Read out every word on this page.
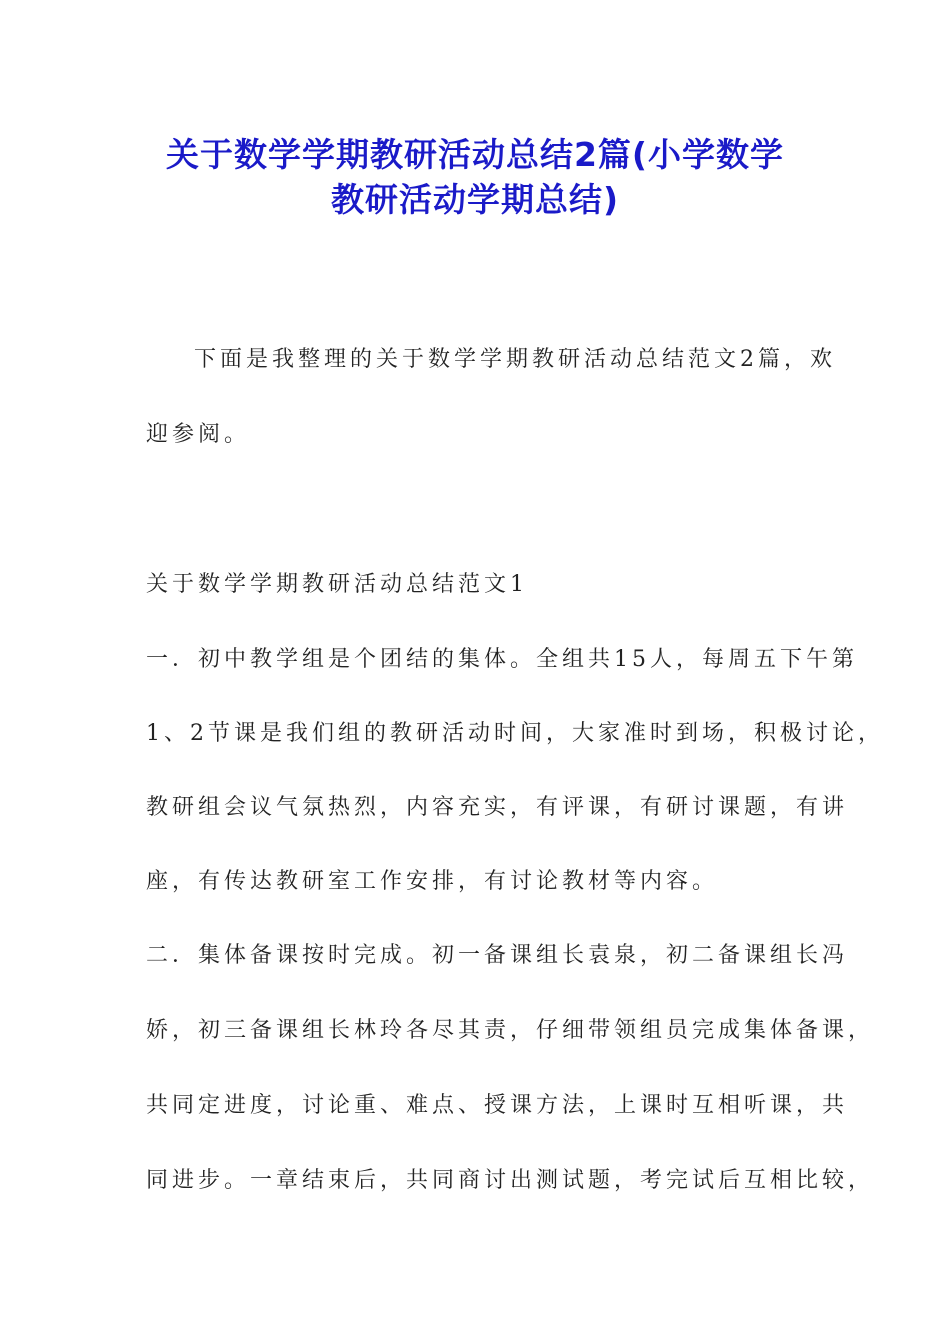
关于数学学期教研活动总结2篇(小学数学
教研活动学期总结)
下面是我整理的关于数学学期教研活动总结范文2篇，欢
迎参阅。
关于数学学期教研活动总结范文1
一．初中教学组是个团结的集体。全组共15人，每周五下午第
1、2节课是我们组的教研活动时间，大家准时到场，积极讨论，
教研组会议气氛热烈，内容充实，有评课，有研讨课题，有讲
座，有传达教研室工作安排，有讨论教材等内容。
二．集体备课按时完成。初一备课组长袁泉，初二备课组长冯
娇，初三备课组长林玲各尽其责，仔细带领组员完成集体备课，
共同定进度，讨论重、难点、授课方法，上课时互相听课，共
同进步。一章结束后，共同商讨出测试题，考完试后互相比较，
